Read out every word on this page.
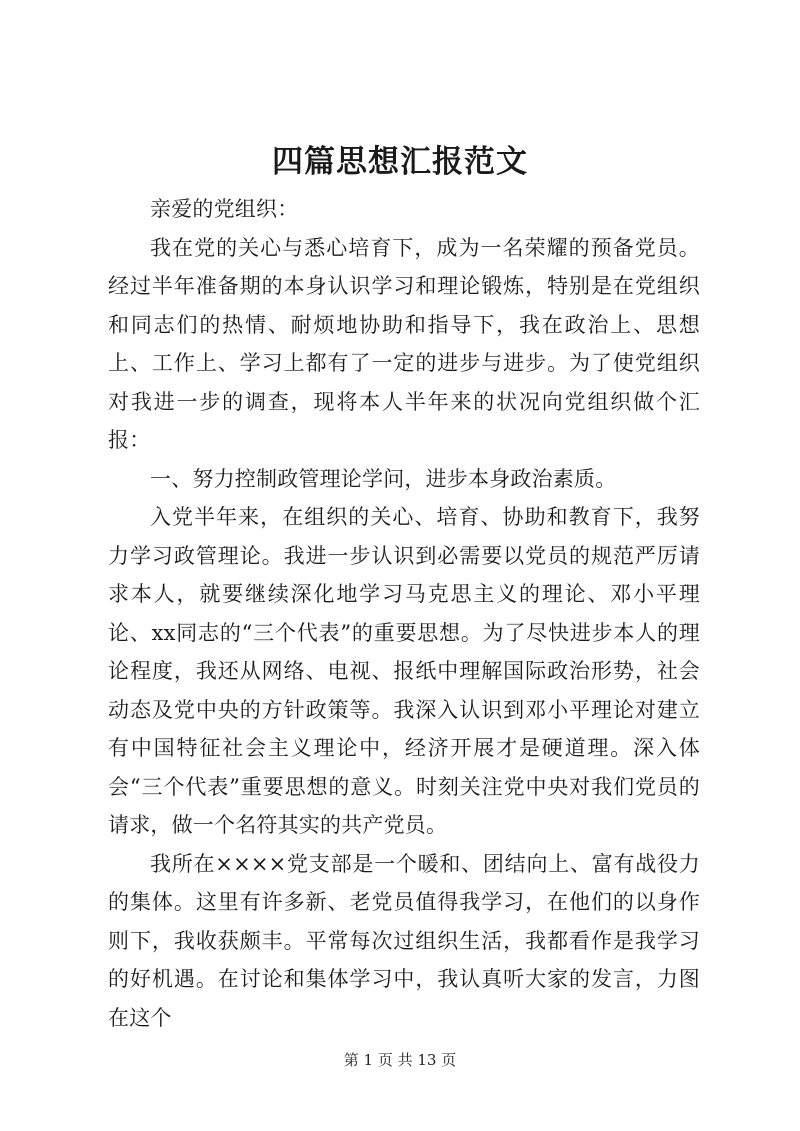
四篇思想汇报范文

亲爱的党组织：

我在党的关心与悉心培育下，成为一名荣耀的预备党员。经过半年准备期的本身认识学习和理论锻炼，特别是在党组织和同志们的热情、耐烦地协助和指导下，我在政治上、思想上、工作上、学习上都有了一定的进步与进步。为了使党组织对我进一步的调查，现将本人半年来的状况向党组织做个汇报：

一、努力控制政管理论学问，进步本身政治素质。

入党半年来，在组织的关心、培育、协助和教育下，我努力学习政管理论。我进一步认识到必需要以党员的规范严厉请求本人，就要继续深化地学习马克思主义的理论、邓小平理论、xx同志的“三个代表”的重要思想。为了尽快进步本人的理论程度，我还从网络、电视、报纸中理解国际政治形势，社会动态及党中央的方针政策等。我深入认识到邓小平理论对建立有中国特征社会主义理论中，经济开展才是硬道理。深入体会“三个代表”重要思想的意义。时刻关注党中央对我们党员的请求，做一个名符其实的共产党员。

我所在××××党支部是一个暖和、团结向上、富有战役力的集体。这里有许多新、老党员值得我学习，在他们的以身作则下，我收获颇丰。平常每次过组织生活，我都看作是我学习的好机遇。在讨论和集体学习中，我认真听大家的发言，力图在这个

第 1 页 共 13 页
